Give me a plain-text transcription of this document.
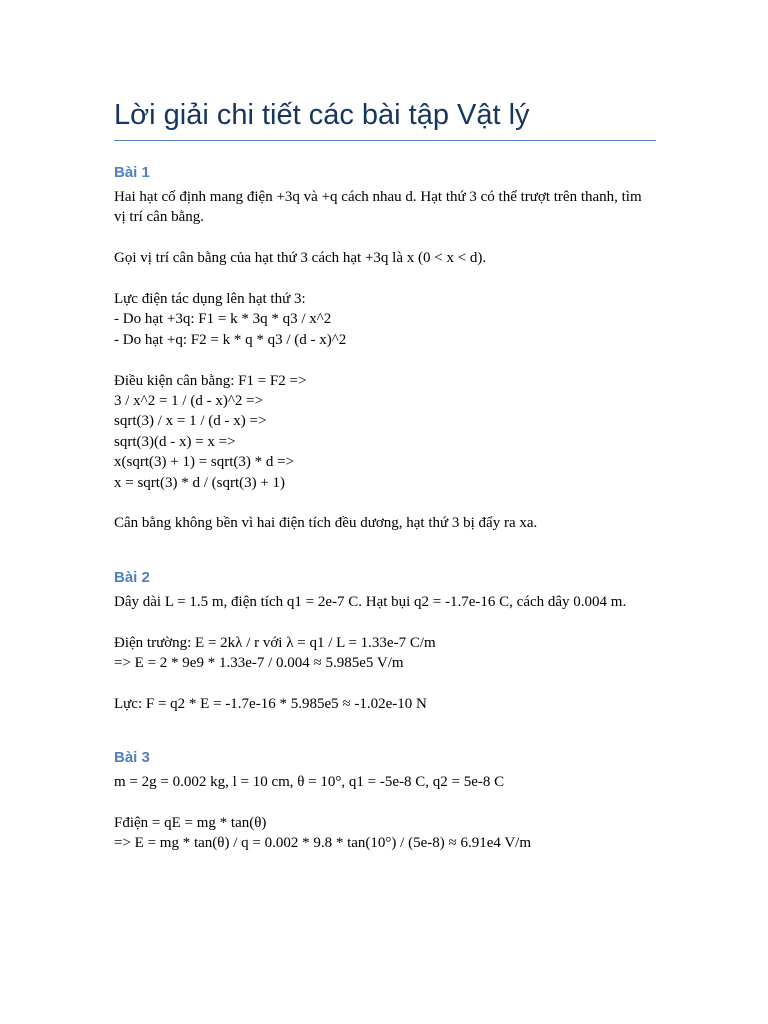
Lời giải chi tiết các bài tập Vật lý
Bài 1
Hai hạt cố định mang điện +3q và +q cách nhau d. Hạt thứ 3 có thể trượt trên thanh, tìm vị trí cân bằng.
Gọi vị trí cân bằng của hạt thứ 3 cách hạt +3q là x (0 < x < d).
Lực điện tác dụng lên hạt thứ 3:
- Do hạt +3q: F1 = k * 3q * q3 / x^2
- Do hạt +q: F2 = k * q * q3 / (d - x)^2
Điều kiện cân bằng: F1 = F2 =>
3 / x^2 = 1 / (d - x)^2 =>
sqrt(3) / x = 1 / (d - x) =>
sqrt(3)(d - x) = x =>
x(sqrt(3) + 1) = sqrt(3) * d =>
x = sqrt(3) * d / (sqrt(3) + 1)
Cân bằng không bền vì hai điện tích đều dương, hạt thứ 3 bị đẩy ra xa.
Bài 2
Dây dài L = 1.5 m, điện tích q1 = 2e-7 C. Hạt bụi q2 = -1.7e-16 C, cách dây 0.004 m.
Điện trường: E = 2kλ / r với λ = q1 / L = 1.33e-7 C/m
=> E = 2 * 9e9 * 1.33e-7 / 0.004 ≈ 5.985e5 V/m
Lực: F = q2 * E = -1.7e-16 * 5.985e5 ≈ -1.02e-10 N
Bài 3
m = 2g = 0.002 kg, l = 10 cm, θ = 10°, q1 = -5e-8 C, q2 = 5e-8 C
Fđiện = qE = mg * tan(θ)
=> E = mg * tan(θ) / q = 0.002 * 9.8 * tan(10°) / (5e-8) ≈ 6.91e4 V/m
